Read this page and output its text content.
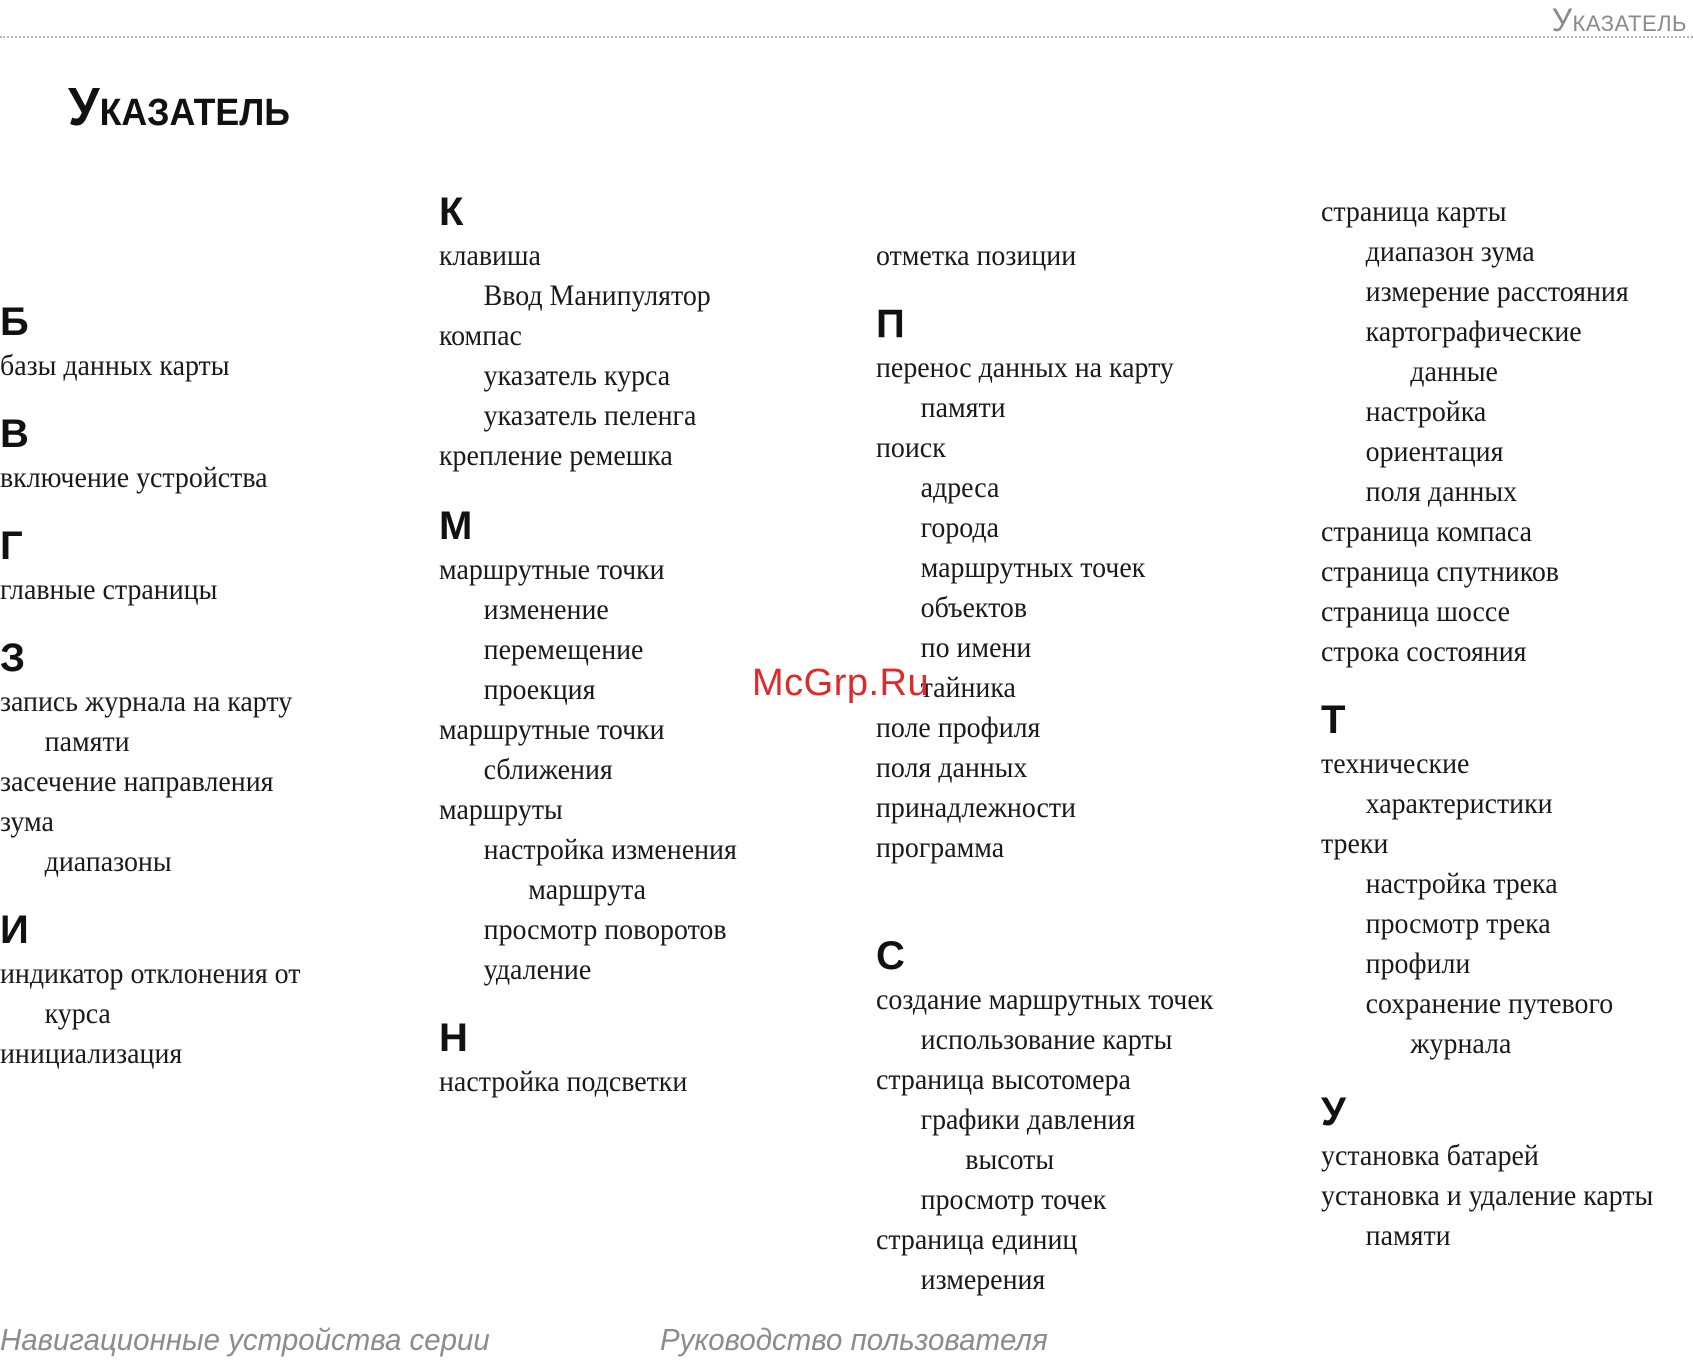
Указатель
Указатель
Б
базы данных карты
В
включение устройства
Г
главные страницы
З
запись журнала на карту
памяти
засечение направления
зума
диапазоны
И
индикатор отклонения от
курса
инициализация
К
клавиша
Ввод Манипулятор
компас
указатель курса
указатель пеленга
крепление ремешка
М
маршрутные точки
изменение
перемещение
проекция
маршрутные точки
сближения
маршруты
настройка изменения
маршрута
просмотр поворотов
удаление
Н
настройка подсветки
отметка позиции
П
перенос данных на карту
памяти
поиск
адреса
города
маршрутных точек
объектов
по имени
тайника
поле профиля
поля данных
принадлежности
программа
С
создание маршрутных точек
использование карты
страница высотомера
графики давления
высоты
просмотр точек
страница единиц
измерения
страница карты
диапазон зума
измерение расстояния
картографические
данные
настройка
ориентация
поля данных
страница компаса
страница спутников
страница шоссе
строка состояния
Т
технические
характеристики
треки
настройка трека
просмотр трека
профили
сохранение путевого
журнала
У
установка батарей
установка и удаление карты
памяти
McGrp.Ru
Навигационные устройства серии	Руководство пользователя
